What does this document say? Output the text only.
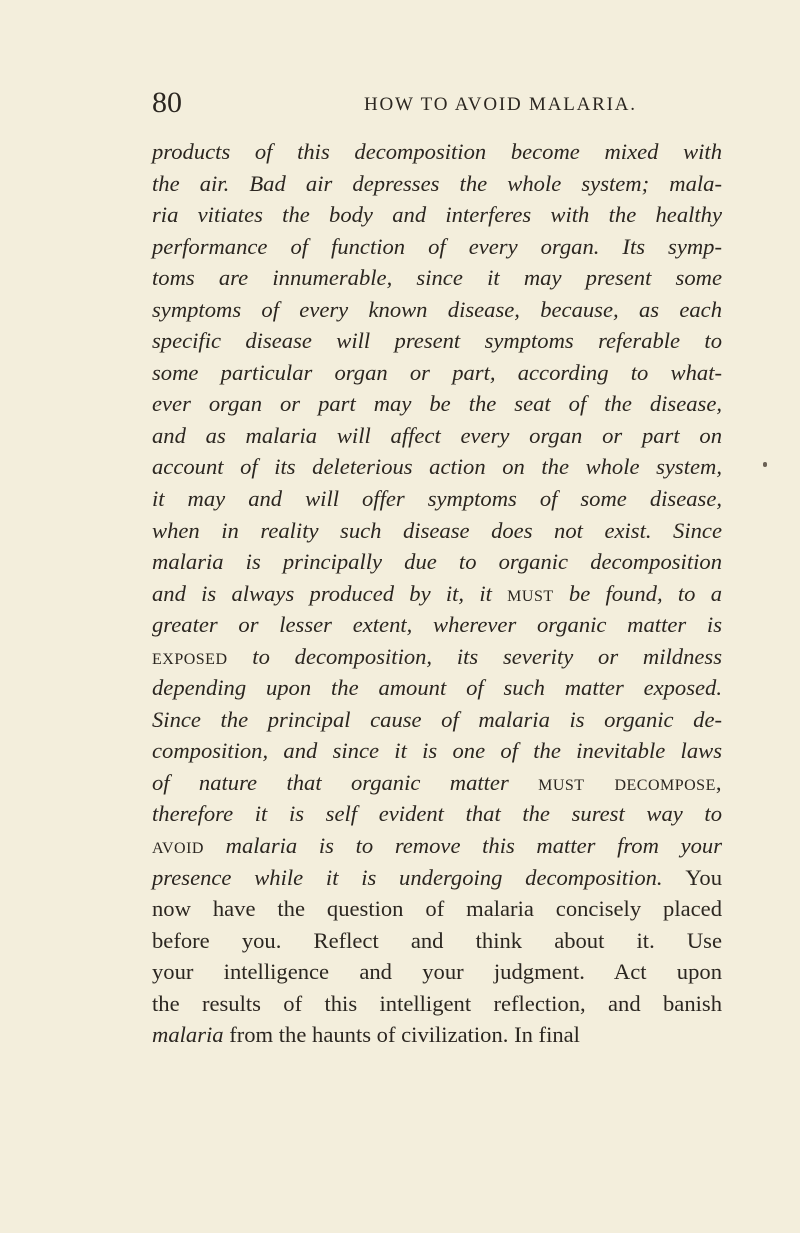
80	HOW TO AVOID MALARIA.
products of this decomposition become mixed with
the air. Bad air depresses the whole system; mala-
ria vitiates the body and interferes with the healthy
performance of function of every organ. Its symp-
toms are innumerable, since it may present some
symptoms of every known disease, because, as each
specific disease will present symptoms referable to
some particular organ or part, according to what-
ever organ or part may be the seat of the disease,
and as malaria will affect every organ or part on
account of its deleterious action on the whole system,
it may and will offer symptoms of some disease,
when in reality such disease does not exist. Since
malaria is principally due to organic decomposition
and is always produced by it, it must be found, to a
greater or lesser extent, wherever organic matter is
exposed to decomposition, its severity or mildness
depending upon the amount of such matter exposed.
Since the principal cause of malaria is organic de-
composition, and since it is one of the inevitable laws
of nature that organic matter must decompose,
therefore it is self evident that the surest way to
avoid malaria is to remove this matter from your
presence while it is undergoing decomposition. You
now have the question of malaria concisely placed
before you. Reflect and think about it. Use
your intelligence and your judgment. Act upon
the results of this intelligent reflection, and banish
malaria from the haunts of civilization. In final
